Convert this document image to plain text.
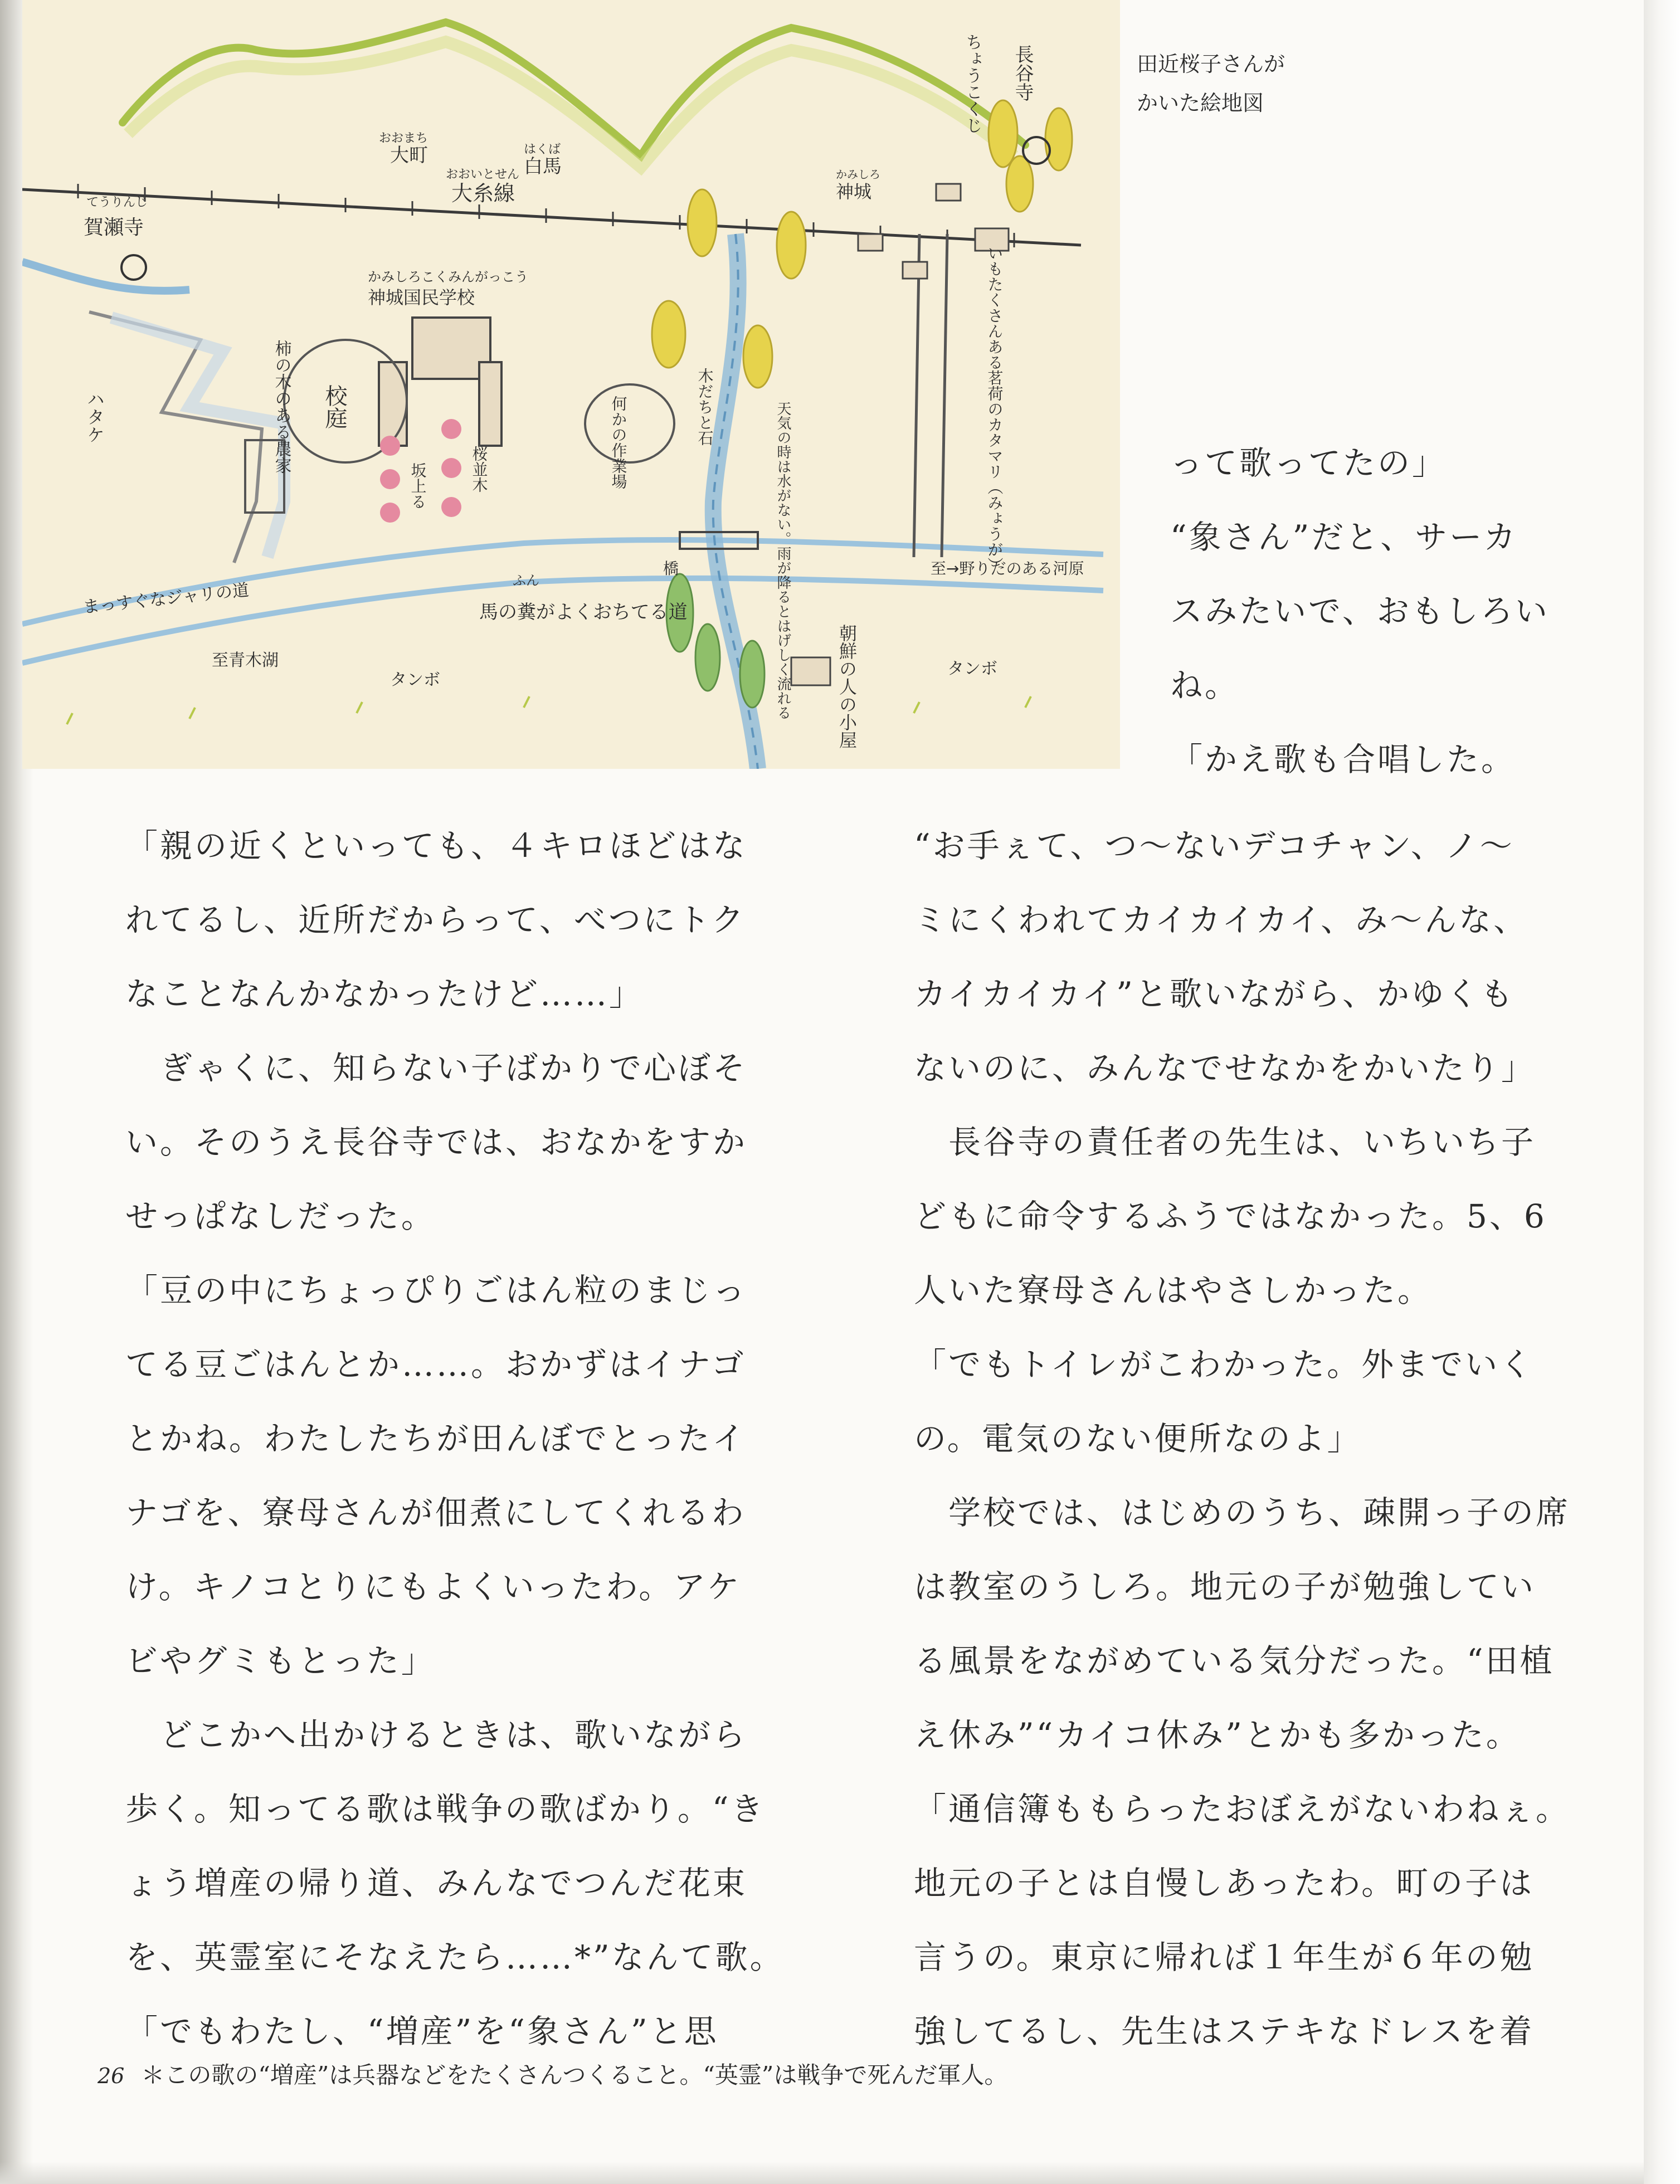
長谷寺
ちょうこくじ
おおまち
大町	はくば
白馬
おおいとせん
大糸線
かみしろ
神城
てうりんじ
賀瀬寺
かみしろこくみんがっこう
神城国民学校
柿の木のある農家 校庭
ハタケ
桜並木
坂上る	何かの作業場	木だちと石	天気の時は水がない。雨が降るとはげしく流れる	いもたくさんある茗荷のカタマリ（みょうが）
まっすぐなジャリの道	ふん
馬の糞がよくおちてる道
橋
至青木湖
至→野りだのある河原
タンボ
タンボ
朝鮮の人の小屋
田近桜子さんが
かいた絵地図

って歌ってたの」

“象さん”だと、サーカ

スみたいで、おもしろい

ね。

「かえ歌も合唱した。

「親の近くといっても、４キロほどはな

れてるし、近所だからって、べつにトク

なことなんかなかったけど……」

　ぎゃくに、知らない子ばかりで心ぼそ

い。そのうえ長谷寺では、おなかをすか

せっぱなしだった。

「豆の中にちょっぴりごはん粒のまじっ

てる豆ごはんとか……。おかずはイナゴ

とかね。わたしたちが田んぼでとったイ

ナゴを、寮母さんが佃煮にしてくれるわ

け。キノコとりにもよくいったわ。アケ

ビやグミもとった」

　どこかへ出かけるときは、歌いながら

歩く。知ってる歌は戦争の歌ばかり。“き

ょう増産の帰り道、みんなでつんだ花束

を、英霊室にそなえたら……*”なんて歌。

「でもわたし、“増産”を“象さん”と思

“お手ぇて、つ～ないデコチャン、ノ～

ミにくわれてカイカイカイ、み～んな、

カイカイカイ”と歌いながら、かゆくも

ないのに、みんなでせなかをかいたり」

　長谷寺の責任者の先生は、いちいち子

どもに命令するふうではなかった。5、6

人いた寮母さんはやさしかった。

「でもトイレがこわかった。外までいく

の。電気のない便所なのよ」

　学校では、はじめのうち、疎開っ子の席

は教室のうしろ。地元の子が勉強してい

る風景をながめている気分だった。“田植

え休み”“カイコ休み”とかも多かった。

「通信簿ももらったおぼえがないわねぇ。

地元の子とは自慢しあったわ。町の子は

言うの。東京に帰れば１年生が６年の勉

強してるし、先生はステキなドレスを着

26 ＊この歌の“増産”は兵器などをたくさんつくること。“英霊”は戦争で死んだ軍人。
